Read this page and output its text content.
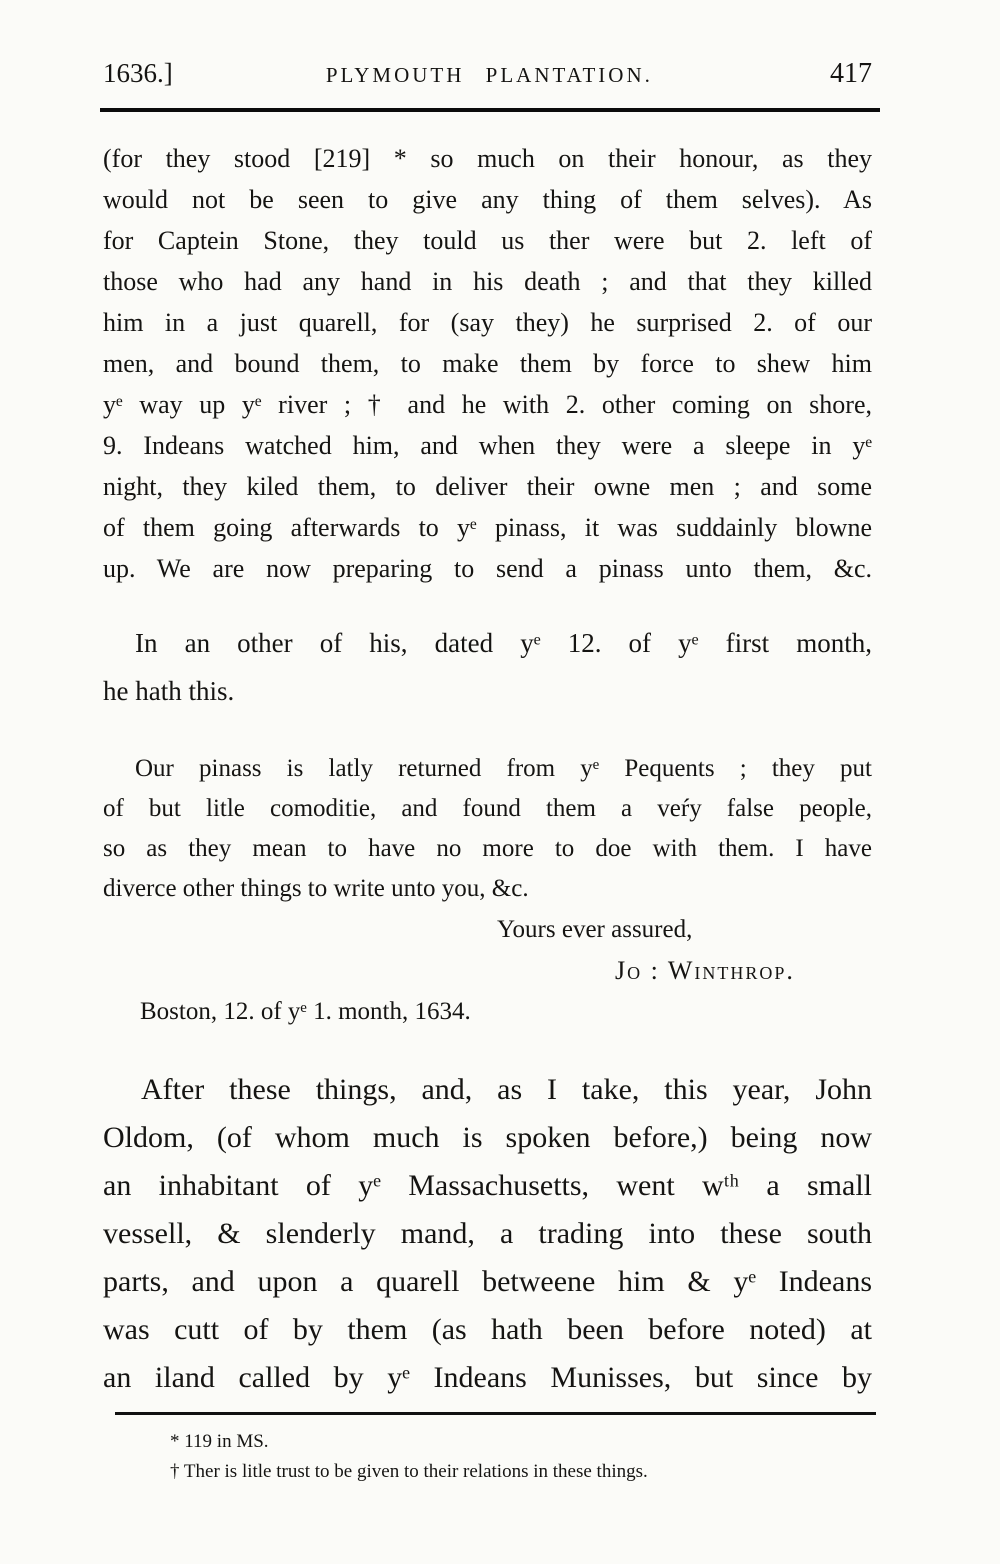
1636.]	PLYMOUTH PLANTATION.	417
(for they stood [219] * so much on their honour, as they
would not be seen to give any thing of them selves). As
for Captein Stone, they tould us ther were but 2. left of
those who had any hand in his death ; and that they killed
him in a just quarell, for (say they) he surprised 2. of our
men, and bound them, to make them by force to shew him
yᵉ way up yᵉ river ; † and he with 2. other coming on shore,
9. Indeans watched him, and when they were a sleepe in yᵉ
night, they kiled them, to deliver their owne men ; and some
of them going afterwards to yᵉ pinass, it was suddainly blowne
up. We are now preparing to send a pinass unto them, &c.
In an other of his, dated yᵉ 12. of yᵉ first month,
he hath this.
Our pinass is latly returned from yᵉ Pequents ; they put
of but litle comoditie, and found them a veŕy false people,
so as they mean to have no more to doe with them. I have
diverce other things to write unto you, &c.
Yours ever assured,
Jo : Winthrop.
Boston, 12. of yᵉ 1. month, 1634.
After these things, and, as I take, this year, John
Oldom, (of whom much is spoken before,) being now
an inhabitant of yᵉ Massachusetts, went wᵗʰ a small
vessell, & slenderly mand, a trading into these south
parts, and upon a quarell betweene him & yᵉ Indeans
was cutt of by them (as hath been before noted) at
an iland called by yᵉ Indeans Munisses, but since by
* 119 in MS.
† Ther is litle trust to be given to their relations in these things.
